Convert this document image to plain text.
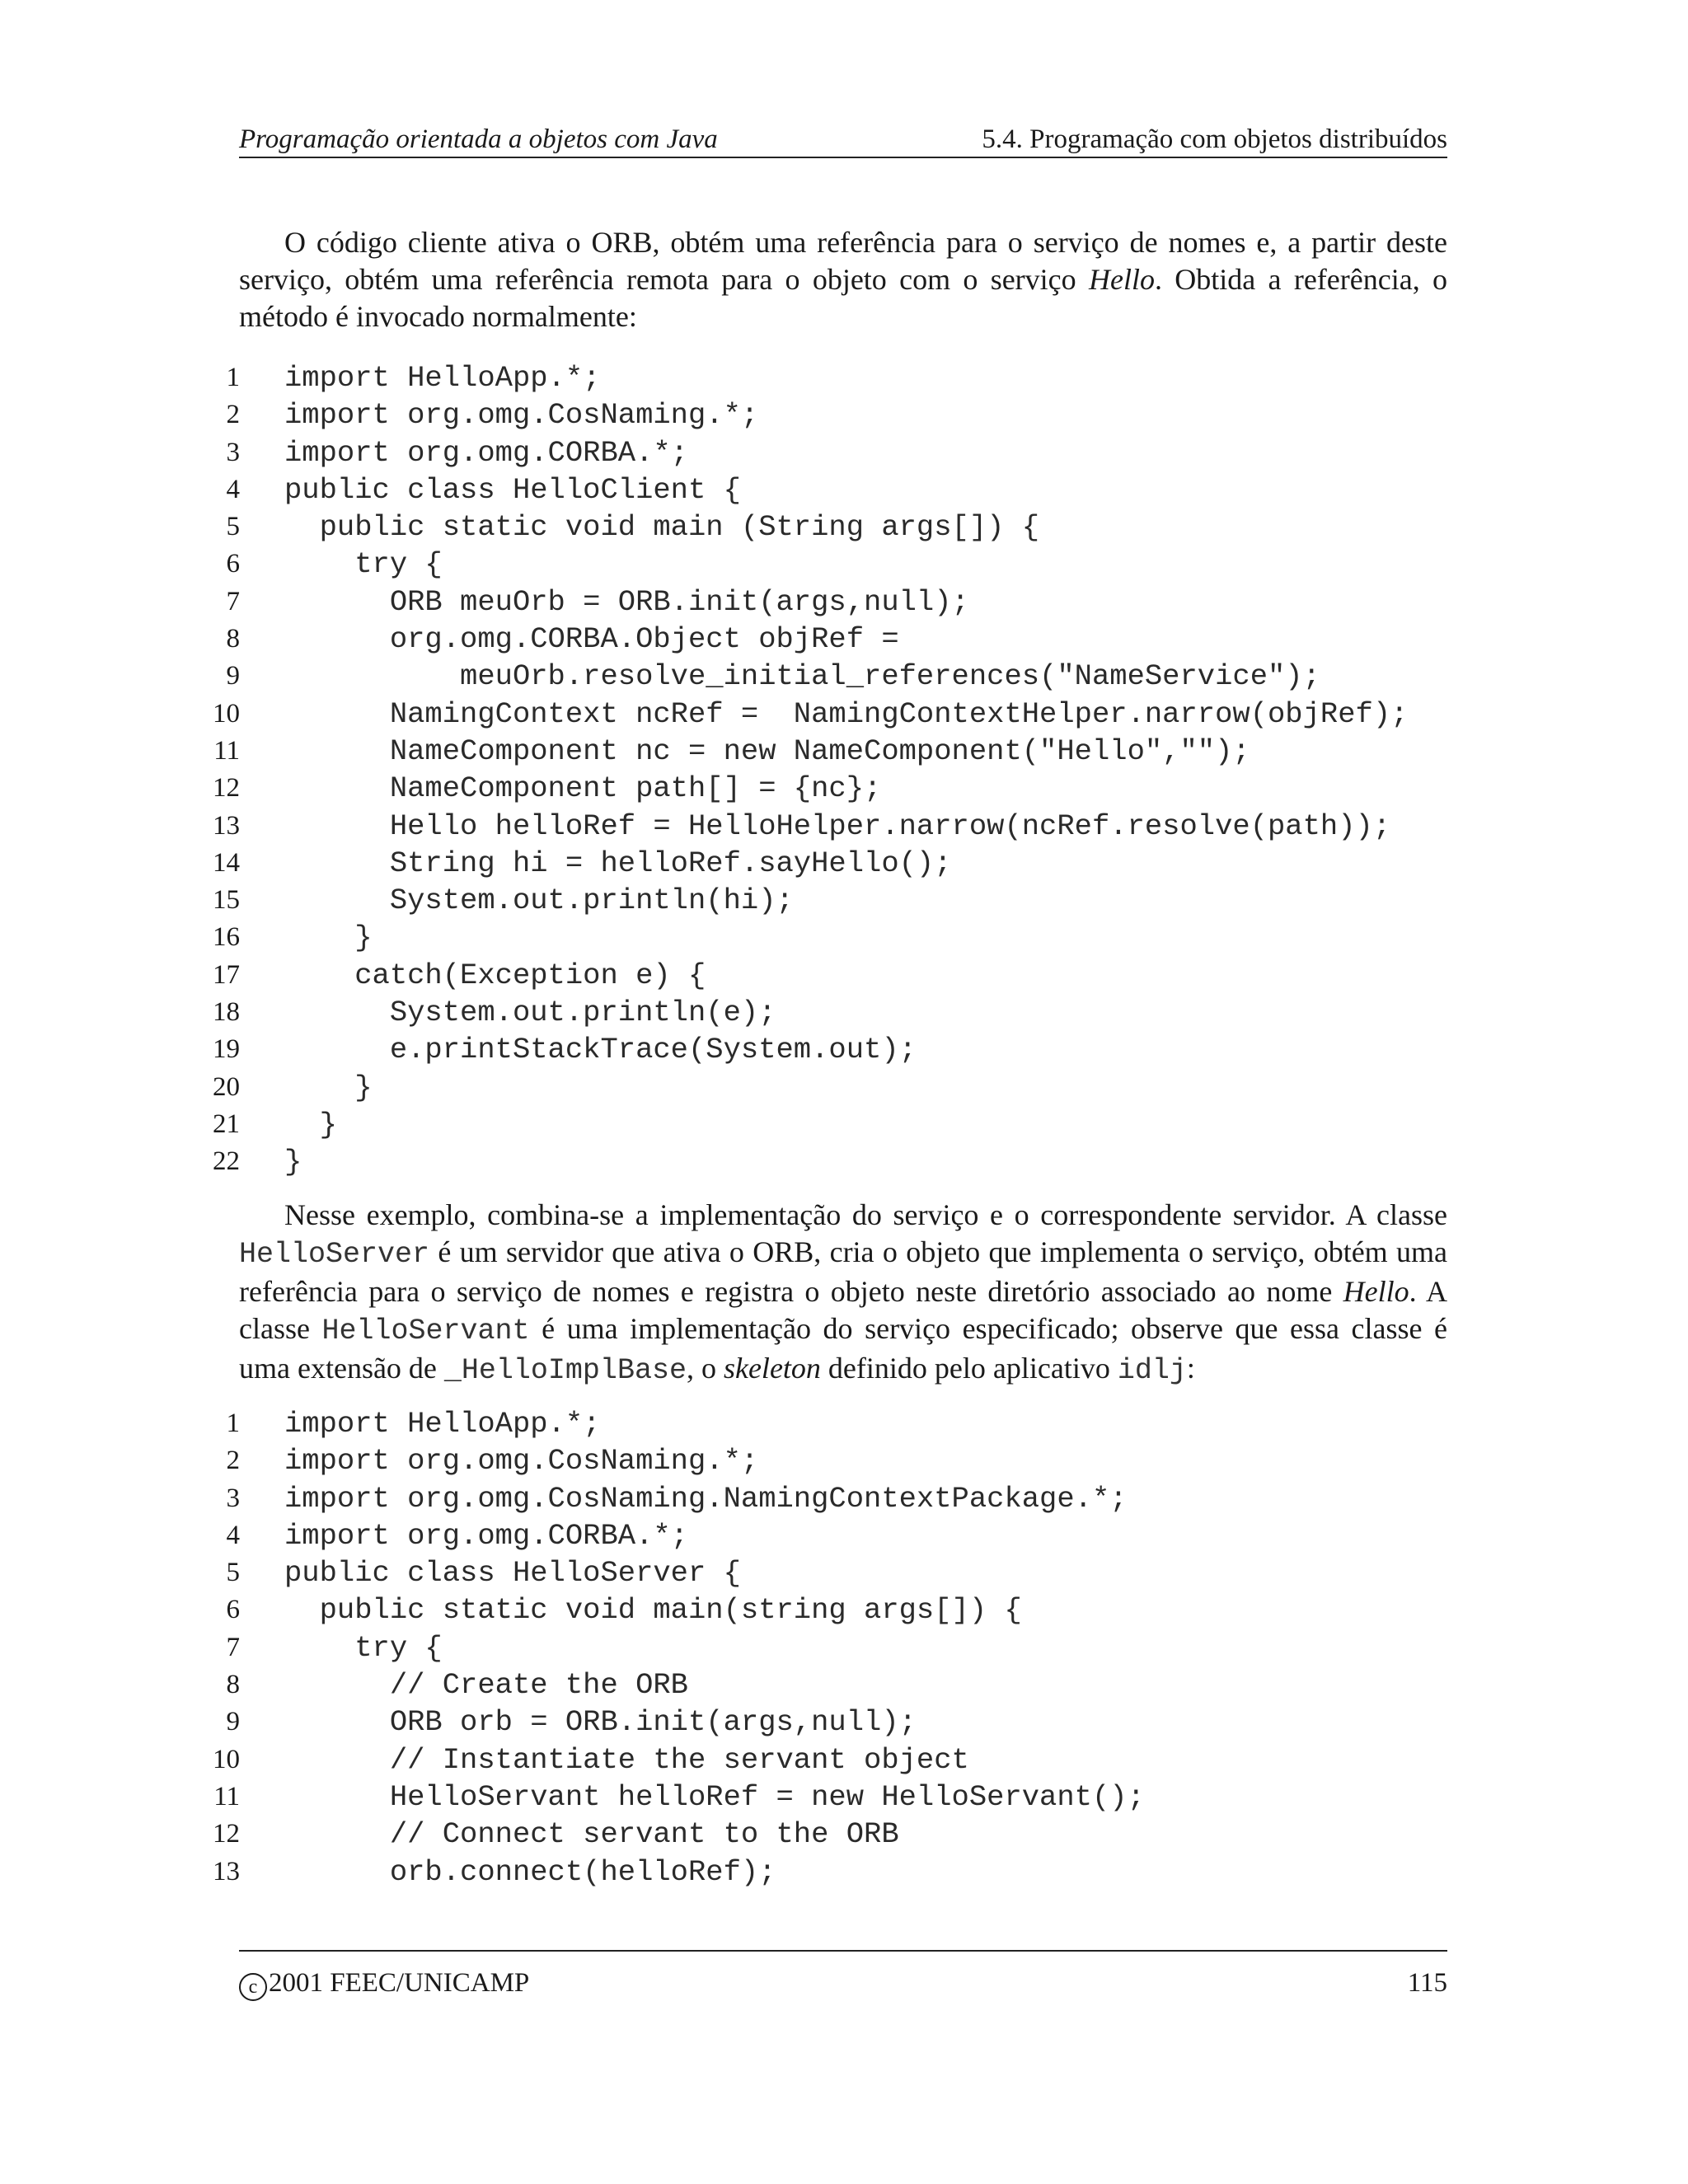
Programação orientada a objetos com Java	5.4. Programação com objetos distribuídos

O código cliente ativa o ORB, obtém uma referência para o serviço de nomes e, a partir deste serviço, obtém uma referência remota para o objeto com o serviço Hello. Obtida a referência, o método é invocado normalmente:

1 import HelloApp.*;
2 import org.omg.CosNaming.*;
3 import org.omg.CORBA.*;
4 public class HelloClient {
5 public static void main (String args[]) {
6 try {
7 ORB meuOrb = ORB.init(args,null);
8 org.omg.CORBA.Object objRef =
9 meuOrb.resolve_initial_references("NameService");
10 NamingContext ncRef =  NamingContextHelper.narrow(objRef);
11 NameComponent nc = new NameComponent("Hello","");
12 NameComponent path[] = {nc};
13 Hello helloRef = HelloHelper.narrow(ncRef.resolve(path));
14 String hi = helloRef.sayHello();
15 System.out.println(hi);
16 }
17 catch(Exception e) {
18 System.out.println(e);
19 e.printStackTrace(System.out);
20 }
21 }
22 }

Nesse exemplo, combina-se a implementação do serviço e o correspondente servidor. A classe HelloServer é um servidor que ativa o ORB, cria o objeto que implementa o serviço, obtém uma referência para o serviço de nomes e registra o objeto neste diretório associado ao nome Hello. A classe HelloServant é uma implementação do serviço especificado; observe que essa classe é uma extensão de _HelloImplBase, o skeleton definido pelo aplicativo idlj:

1 import HelloApp.*;
2 import org.omg.CosNaming.*;
3 import org.omg.CosNaming.NamingContextPackage.*;
4 import org.omg.CORBA.*;
5 public class HelloServer {
6 public static void main(string args[]) {
7 try {
8 // Create the ORB
9 ORB orb = ORB.init(args,null);
10 // Instantiate the servant object
11 HelloServant helloRef = new HelloServant();
12 // Connect servant to the ORB
13 orb.connect(helloRef);
c 2001 FEEC/UNICAMP	115
